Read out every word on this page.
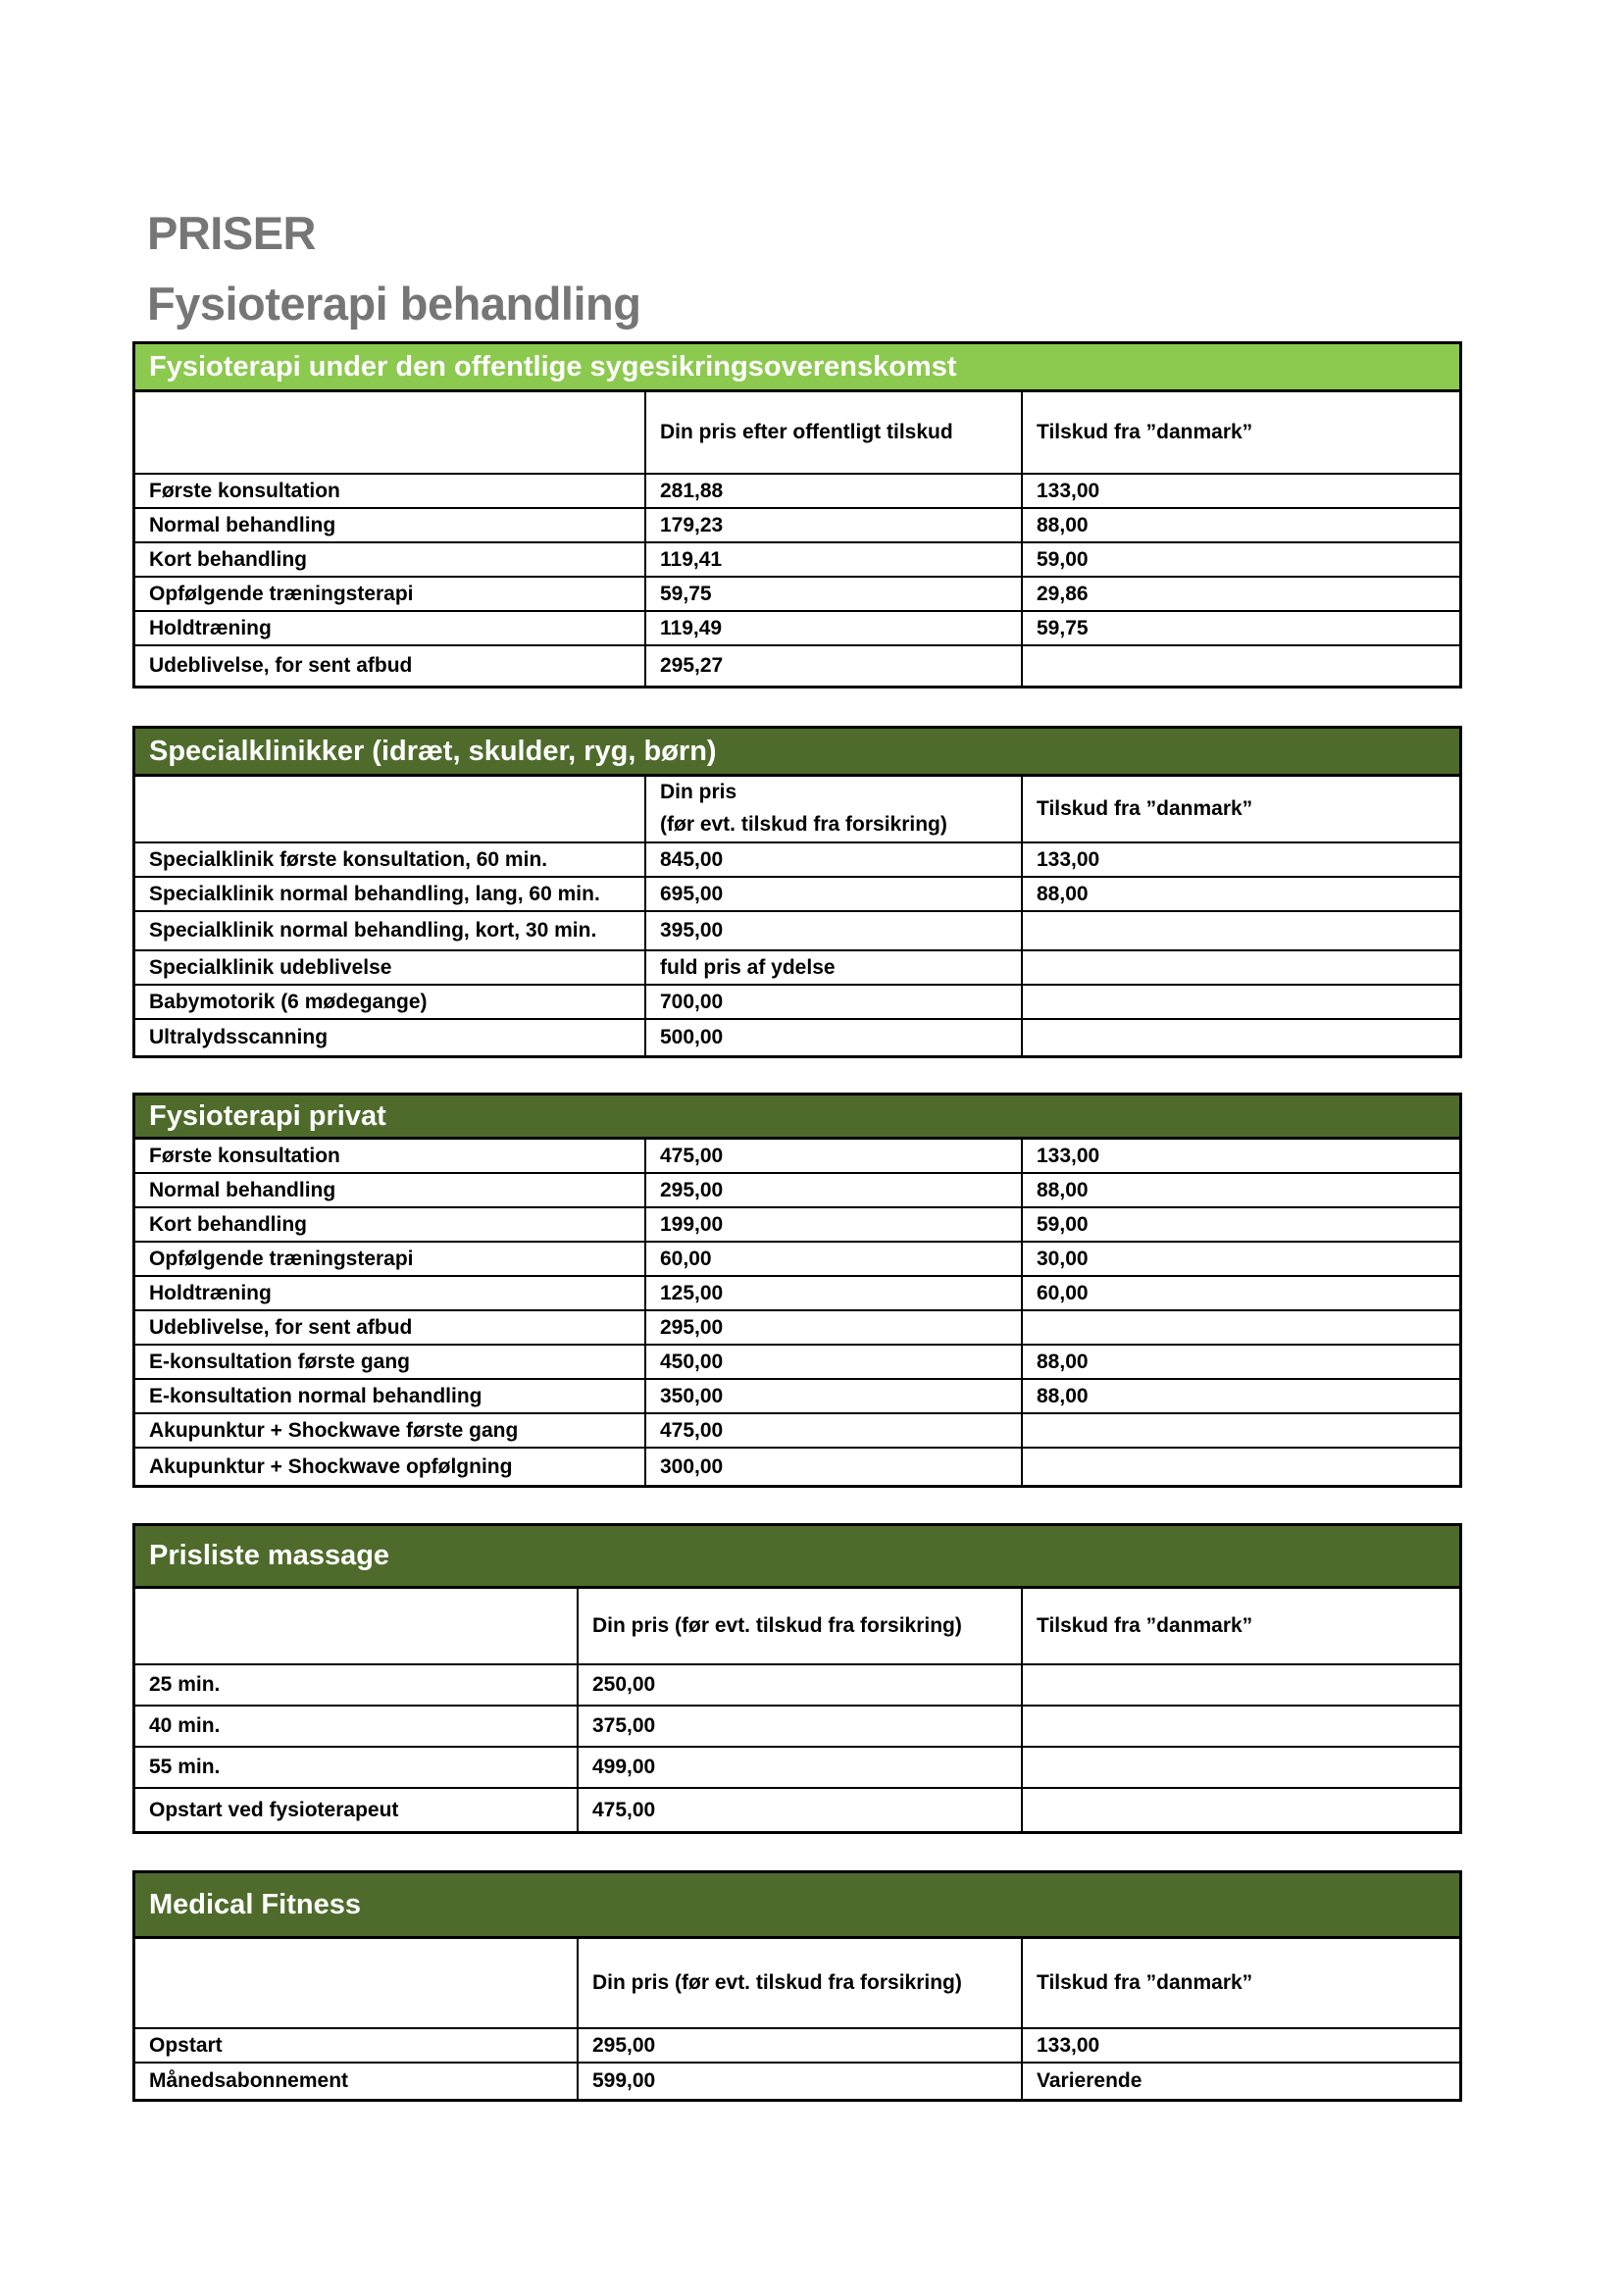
PRISER
Fysioterapi behandling
Fysioterapi under den offentlige sygesikringsoverenskomst
Din pris efter offentligt tilskud	Tilskud fra ”danmark”
Første konsultation	281,88	133,00
Normal behandling	179,23	88,00
Kort behandling	119,41	59,00
Opfølgende træningsterapi	59,75	29,86
Holdtræning	119,49	59,75
Udeblivelse, for sent afbud	295,27
Specialklinikker (idræt, skulder, ryg, børn)
Din pris
(før evt. tilskud fra forsikring)
Tilskud fra ”danmark”
Specialklinik første konsultation, 60 min.	845,00	133,00
Specialklinik normal behandling, lang, 60 min.	695,00	88,00
Specialklinik normal behandling, kort, 30 min.	395,00
Specialklinik udeblivelse	fuld pris af ydelse
Babymotorik (6 mødegange)	700,00
Ultralydsscanning	500,00
Fysioterapi privat
Første konsultation	475,00	133,00
Normal behandling	295,00	88,00
Kort behandling	199,00	59,00
Opfølgende træningsterapi	60,00	30,00
Holdtræning	125,00	60,00
Udeblivelse, for sent afbud	295,00
E-konsultation første gang	450,00	88,00
E-konsultation normal behandling	350,00	88,00
Akupunktur + Shockwave første gang	475,00
Akupunktur + Shockwave opfølgning	300,00
Prisliste massage
Din pris (før evt. tilskud fra forsikring)	Tilskud fra ”danmark”
25 min.	250,00
40 min.	375,00
55 min.	499,00
Opstart ved fysioterapeut	475,00
Medical Fitness
Din pris (før evt. tilskud fra forsikring)	Tilskud fra ”danmark”
Opstart	295,00	133,00
Månedsabonnement	599,00	Varierende
